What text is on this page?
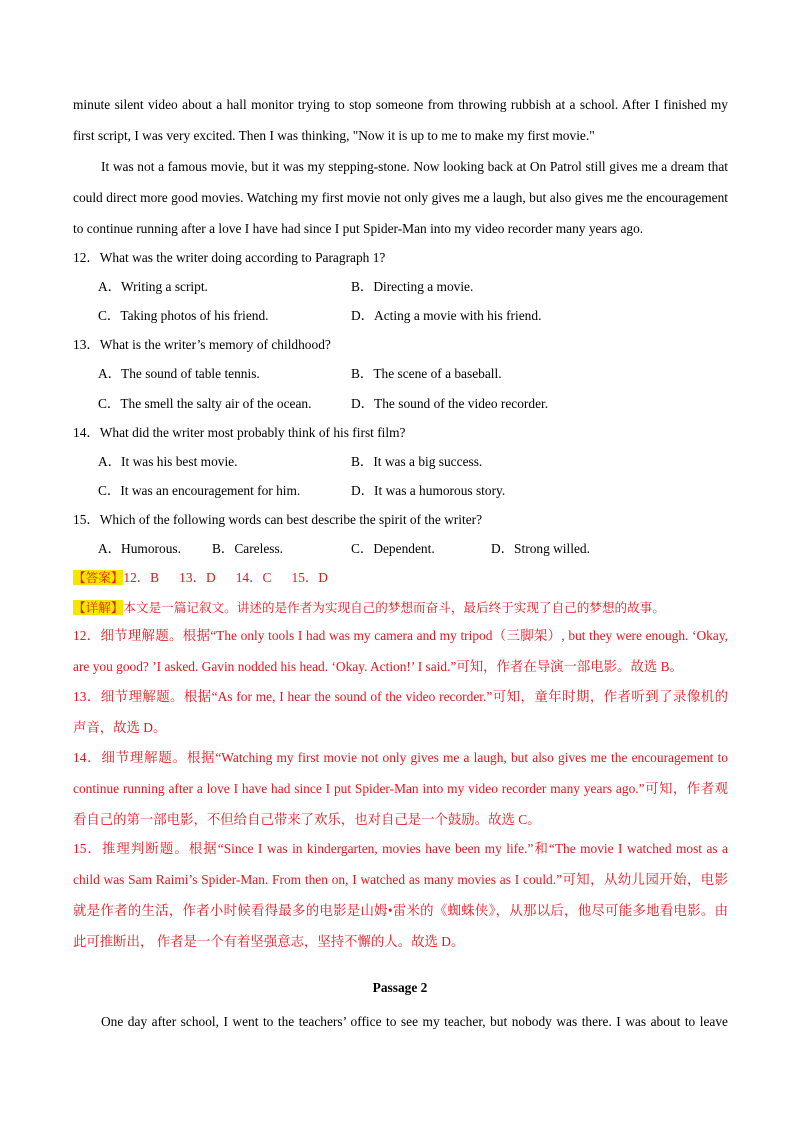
minute silent video about a hall monitor trying to stop someone from throwing rubbish at a school. After I finished my
first script, I was very excited. Then I was thinking, "Now it is up to me to make my first movie."
It was not a famous movie, but it was my stepping-stone. Now looking back at On Patrol still gives me a dream that
could direct more good movies. Watching my first movie not only gives me a laugh, but also gives me the encouragement
to continue running after a love I have had since I put Spider-Man into my video recorder many years ago.
12．What was the writer doing according to Paragraph 1?
A．Writing a script.	B．Directing a movie.
C．Taking photos of his friend.	D．Acting a movie with his friend.
13．What is the writer’s memory of childhood?
A．The sound of table tennis.	B．The scene of a baseball.
C．The smell the salty air of the ocean.	D．The sound of the video recorder.
14．What did the writer most probably think of his first film?
A．It was his best movie.	B．It was a big success.
C．It was an encouragement for him.	D．It was a humorous story.
15．Which of the following words can best describe the spirit of the writer?
A．Humorous. B．Careless.	C．Dependent.	D．Strong willed.
【答案】12．B      13．D      14．C      15．D
【详解】本文是一篇记叙文。讲述的是作者为实现自己的梦想而奋斗，最后终于实现了自己的梦想的故事。
12．细节理解题。根据“The only tools I had was my camera and my tripod（三脚架）, but they were enough. ‘Okay,
are you good? ’I asked. Gavin nodded his head. ‘Okay. Action!’ I said.”可知，作者在导演一部电影。故选 B。
13．细节理解题。根据“As for me, I hear the sound of the video recorder.”可知，童年时期，作者听到了录像机的
声音，故选 D。
14．细节理解题。根据“Watching my first movie not only gives me a laugh, but also gives me the encouragement to
continue running after a love I have had since I put Spider-Man into my video recorder many years ago.”可知，作者观
看自己的第一部电影，不但给自己带来了欢乐，也对自己是一个鼓励。故选 C。
15．推理判断题。根据“Since I was in kindergarten, movies have been my life.”和“The movie I watched most as a
child was Sam Raimi’s Spider-Man. From then on, I watched as many movies as I could.”可知，从幼儿园开始，电影
就是作者的生活，作者小时候看得最多的电影是山姆•雷米的《蜘蛛侠》，从那以后，他尽可能多地看电影。由
此可推断出， 作者是一个有着坚强意志，坚持不懈的人。故选 D。
Passage 2
One day after school, I went to the teachers’ office to see my teacher, but nobody was there. I was about to leave
